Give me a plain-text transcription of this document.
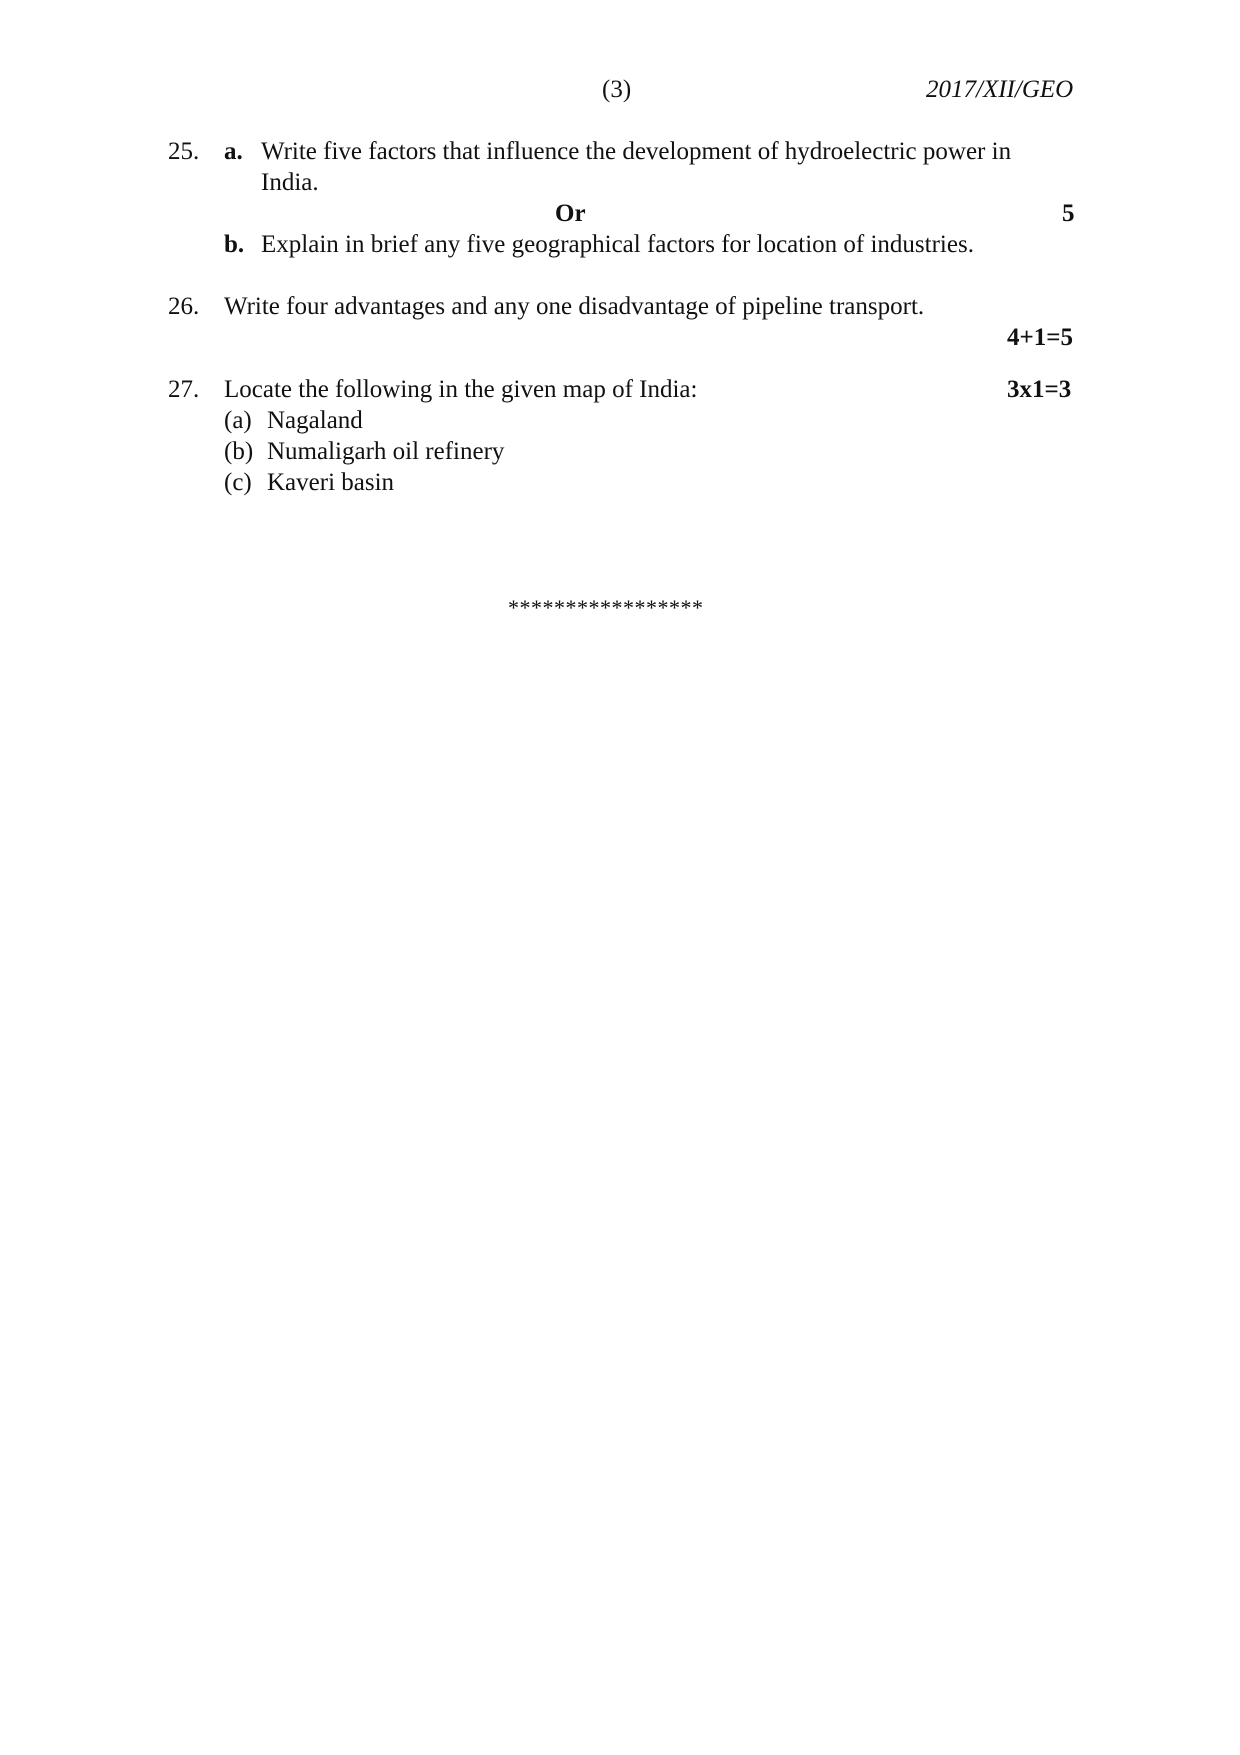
(3)	2017/XII/GEO
25. a. Write five factors that influence the development of hydroelectric power in
India.
Or	5
b. Explain in brief any five geographical factors for location of industries.
26. Write four advantages and any one disadvantage of pipeline transport.
4+1=5
27. Locate the following in the given map of India:	3x1=3
(a) Nagaland
(b) Numaligarh oil refinery
(c) Kaveri basin
*****************
